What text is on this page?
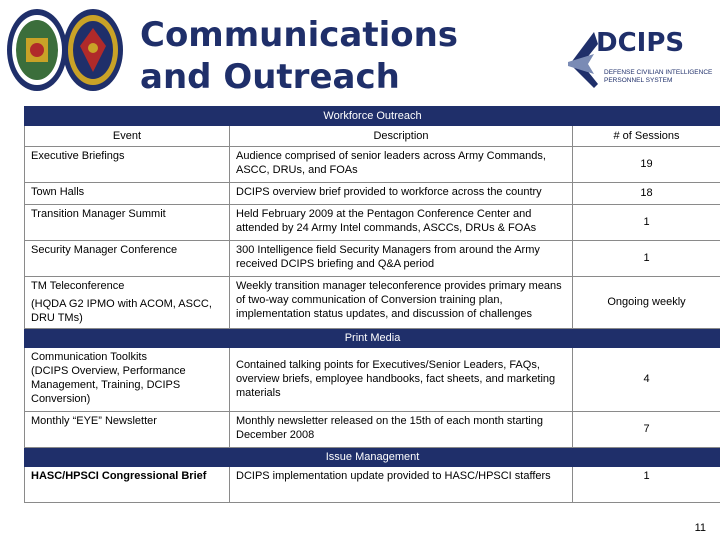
Communications
and Outreach
DCIPS
DEFENSE CIVILIAN INTELLIGENCE
PERSONNEL SYSTEM
Workforce Outreach		
Event	Description	# of Sessions
Executive Briefings	Audience comprised of senior leaders across Army Commands, ASCC, DRUs, and FOAs	19
Town Halls	DCIPS overview brief provided to workforce across the country	18
Transition Manager Summit	Held February 2009 at the Pentagon Conference Center and attended by 24 Army Intel commands, ASCCs, DRUs & FOAs	1
Security Manager Conference	300 Intelligence field Security Managers from around the Army received DCIPS briefing and Q&A period	1
TM Teleconference
(HQDA G2 IPMO with ACOM, ASCC, DRU TMs)	Weekly transition manager teleconference provides primary means of two-way communication of Conversion training plan, implementation status updates, and discussion of challenges	Ongoing weekly
Print Media		
Communication Toolkits
(DCIPS Overview, Performance Management, Training, DCIPS Conversion)	Contained talking points for Executives/Senior Leaders, FAQs, overview briefs, employee handbooks, fact sheets, and marketing materials	4
Monthly “EYE” Newsletter	Monthly newsletter released on the 15th of each month starting December 2008	7
Issue Management		
HASC/HPSCI Congressional Brief	DCIPS implementation update provided to HASC/HPSCI staffers	1
11
